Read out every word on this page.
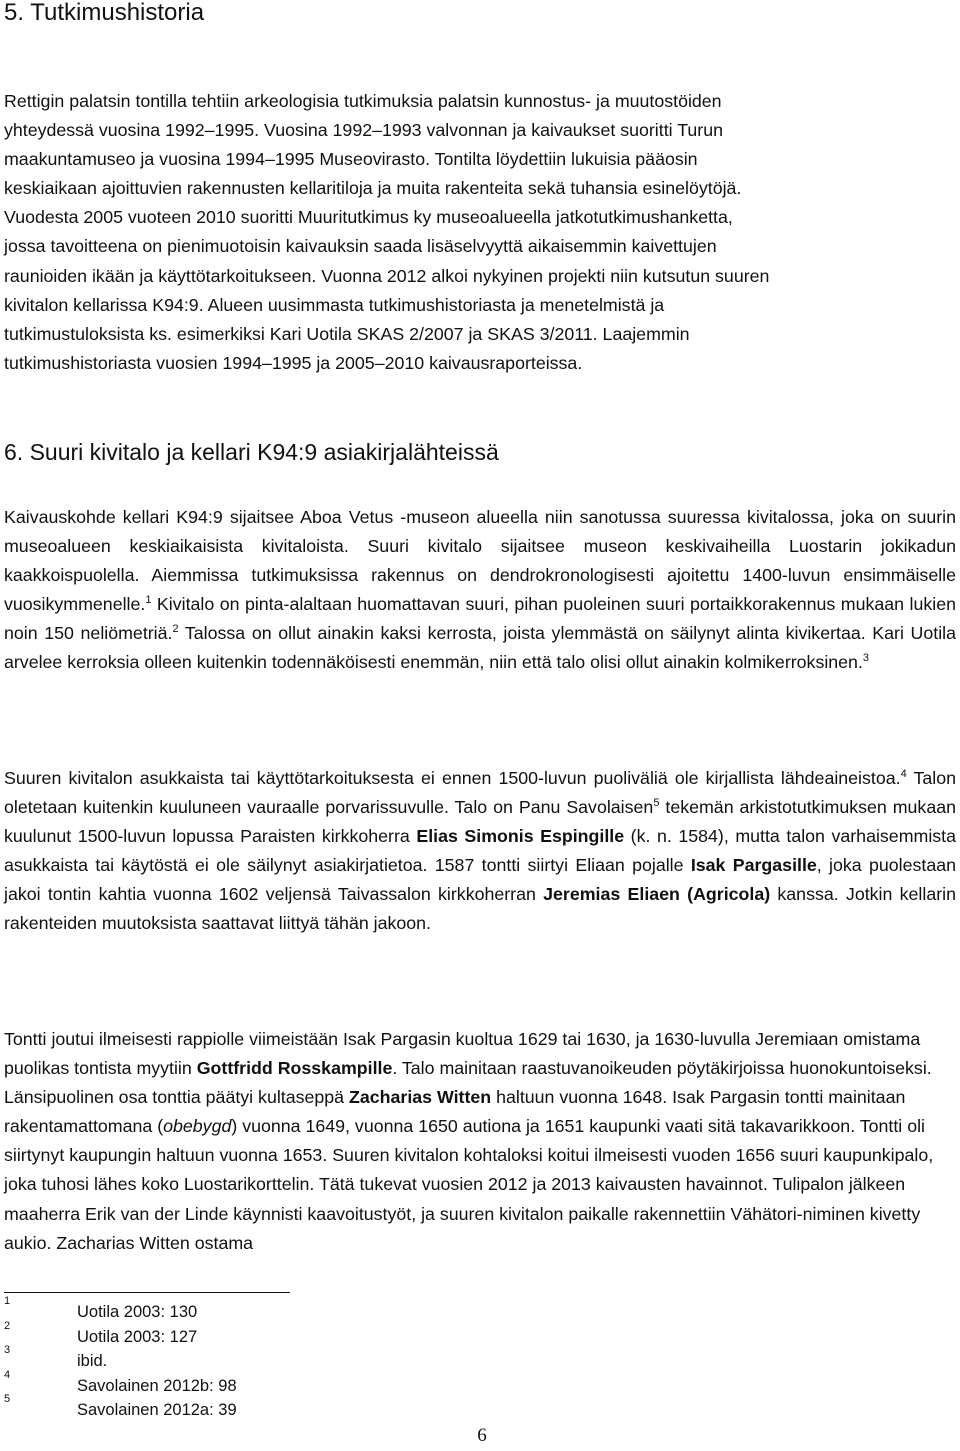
5. Tutkimushistoria
Rettigin palatsin tontilla tehtiin arkeologisia tutkimuksia palatsin kunnostus- ja muutostöiden
yhteydessä vuosina 1992–1995. Vuosina 1992–1993 valvonnan ja kaivaukset suoritti Turun
maakuntamuseo ja vuosina 1994–1995 Museovirasto. Tontilta löydettiin lukuisia pääosin
keskiaikaan ajoittuvien rakennusten kellaritiloja ja muita rakenteita sekä tuhansia esinelöytöjä.
Vuodesta 2005 vuoteen 2010 suoritti Muuritutkimus ky museoalueella jatkotutkimushanketta,
jossa tavoitteena on pienimuotoisin kaivauksin saada lisäselvyyttä aikaisemmin kaivettujen
raunioiden ikään ja käyttötarkoitukseen. Vuonna 2012 alkoi nykyinen projekti niin kutsutun suuren
kivitalon kellarissa K94:9. Alueen uusimmasta tutkimushistoriasta ja menetelmistä ja
tutkimustuloksista ks. esimerkiksi Kari Uotila SKAS 2/2007 ja SKAS 3/2011. Laajemmin
tutkimushistoriasta vuosien 1994–1995 ja 2005–2010 kaivausraporteissa.
6. Suuri kivitalo ja kellari K94:9 asiakirjalähteissä

Kaivauskohde kellari K94:9 sijaitsee Aboa Vetus -museon alueella niin sanotussa suuressa kivitalossa, joka on suurin museoalueen keskiaikaisista kivitaloista. Suuri kivitalo sijaitsee museon keskivaiheilla Luostarin jokikadun kaakkoispuolella. Aiemmissa tutkimuksissa rakennus on dendrokronologisesti ajoitettu 1400-luvun ensimmäiselle vuosikymmenelle.$^1$ Kivitalo on pinta-alaltaan huomattavan suuri, pihan puoleinen suuri portaikkorakennus mukaan lukien noin 150 neliömetriä.$^2$ Talossa on ollut ainakin kaksi kerrosta, joista ylemmästä on säilynyt alinta kivikertaa. Kari Uotila arvelee kerroksia olleen kuitenkin todennäköisesti enemmän, niin että talo olisi ollut ainakin kolmikerroksinen.$^3$

Suuren kivitalon asukkaista tai käyttötarkoituksesta ei ennen 1500-luvun puoliväliä ole kirjallista lähdeaineistoa.$^4$ Talon oletetaan kuitenkin kuuluneen vauraalle porvarissuvulle. Talo on Panu Savolaisen$^5$ tekemän arkistotutkimuksen mukaan kuulunut 1500-luvun lopussa Paraisten kirkkoherra Elias Simonis Espingille (k. n. 1584), mutta talon varhaisemmista asukkaista tai käytöstä ei ole säilynyt asiakirjatietoa. 1587 tontti siirtyi Eliaan pojalle Isak Pargasille, joka puolestaan jakoi tontin kahtia vuonna 1602 veljensä Taivassalon kirkkoherran Jeremias Eliaen (Agricola) kanssa. Jotkin kellarin rakenteiden muutoksista saattavat liittyä tähän jakoon.

Tontti joutui ilmeisesti rappiolle viimeistään Isak Pargasin kuoltua 1629 tai 1630, ja 1630-luvulla Jeremiaan omistama puolikas tontista myytiin Gottfridd Rosskampille. Talo mainitaan raastuvanoikeuden pöytäkirjoissa huonokuntoiseksi. Länsipuolinen osa tonttia päätyi kultaseppä Zacharias Witten haltuun vuonna 1648. Isak Pargasin tontti mainitaan rakentamattomana (obebygd) vuonna 1649, vuonna 1650 autiona ja 1651 kaupunki vaati sitä takavarikkoon. Tontti oli siirtynyt kaupungin haltuun vuonna 1653. Suuren kivitalon kohtaloksi koitui ilmeisesti vuoden 1656 suuri kaupunkipalo, joka tuhosi lähes koko Luostarikorttelin. Tätä tukevat vuosien 2012 ja 2013 kaivausten havainnot. Tulipalon jälkeen maaherra Erik van der Linde käynnisti kaavoitustyöt, ja suuren kivitalon paikalle rakennettiin Vähätori-niminen kivetty aukio. Zacharias Witten ostama

1
Uotila 2003: 130
2
Uotila 2003: 127
3
ibid.
4
Savolainen 2012b: 98
5
Savolainen 2012a: 39
6
